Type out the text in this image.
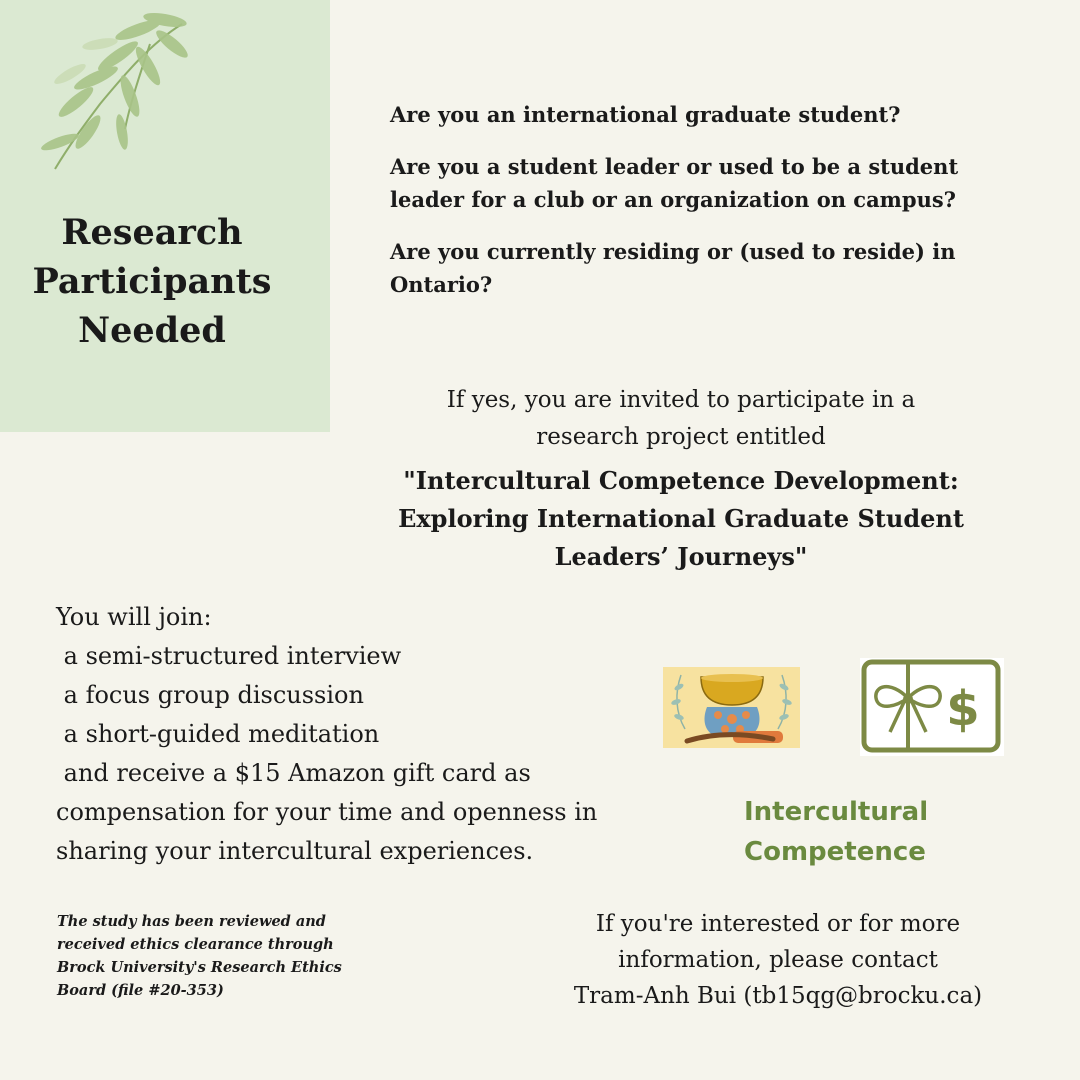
Research
Participants
Needed

Are you an international graduate student?

Are you a student leader or used to be a student
leader for a club or an organization on campus?

Are you currently residing or (used to reside) in
Ontario?

If yes, you are invited to participate in a
research project entitled
"Intercultural Competence Development:
Exploring International Graduate Student
Leaders’ Journeys"
You will join:
a semi-structured interview
a focus group discussion
a short-guided meditation
and receive a $15 Amazon gift card as
compensation for your time and openness in
sharing your intercultural experiences.
$
Intercultural
Competence
The study has been reviewed and
received ethics clearance through
Brock University's Research Ethics
Board (file #20-353)
If you're interested or for more
information, please contact
Tram-Anh Bui (tb15qg@brocku.ca)
